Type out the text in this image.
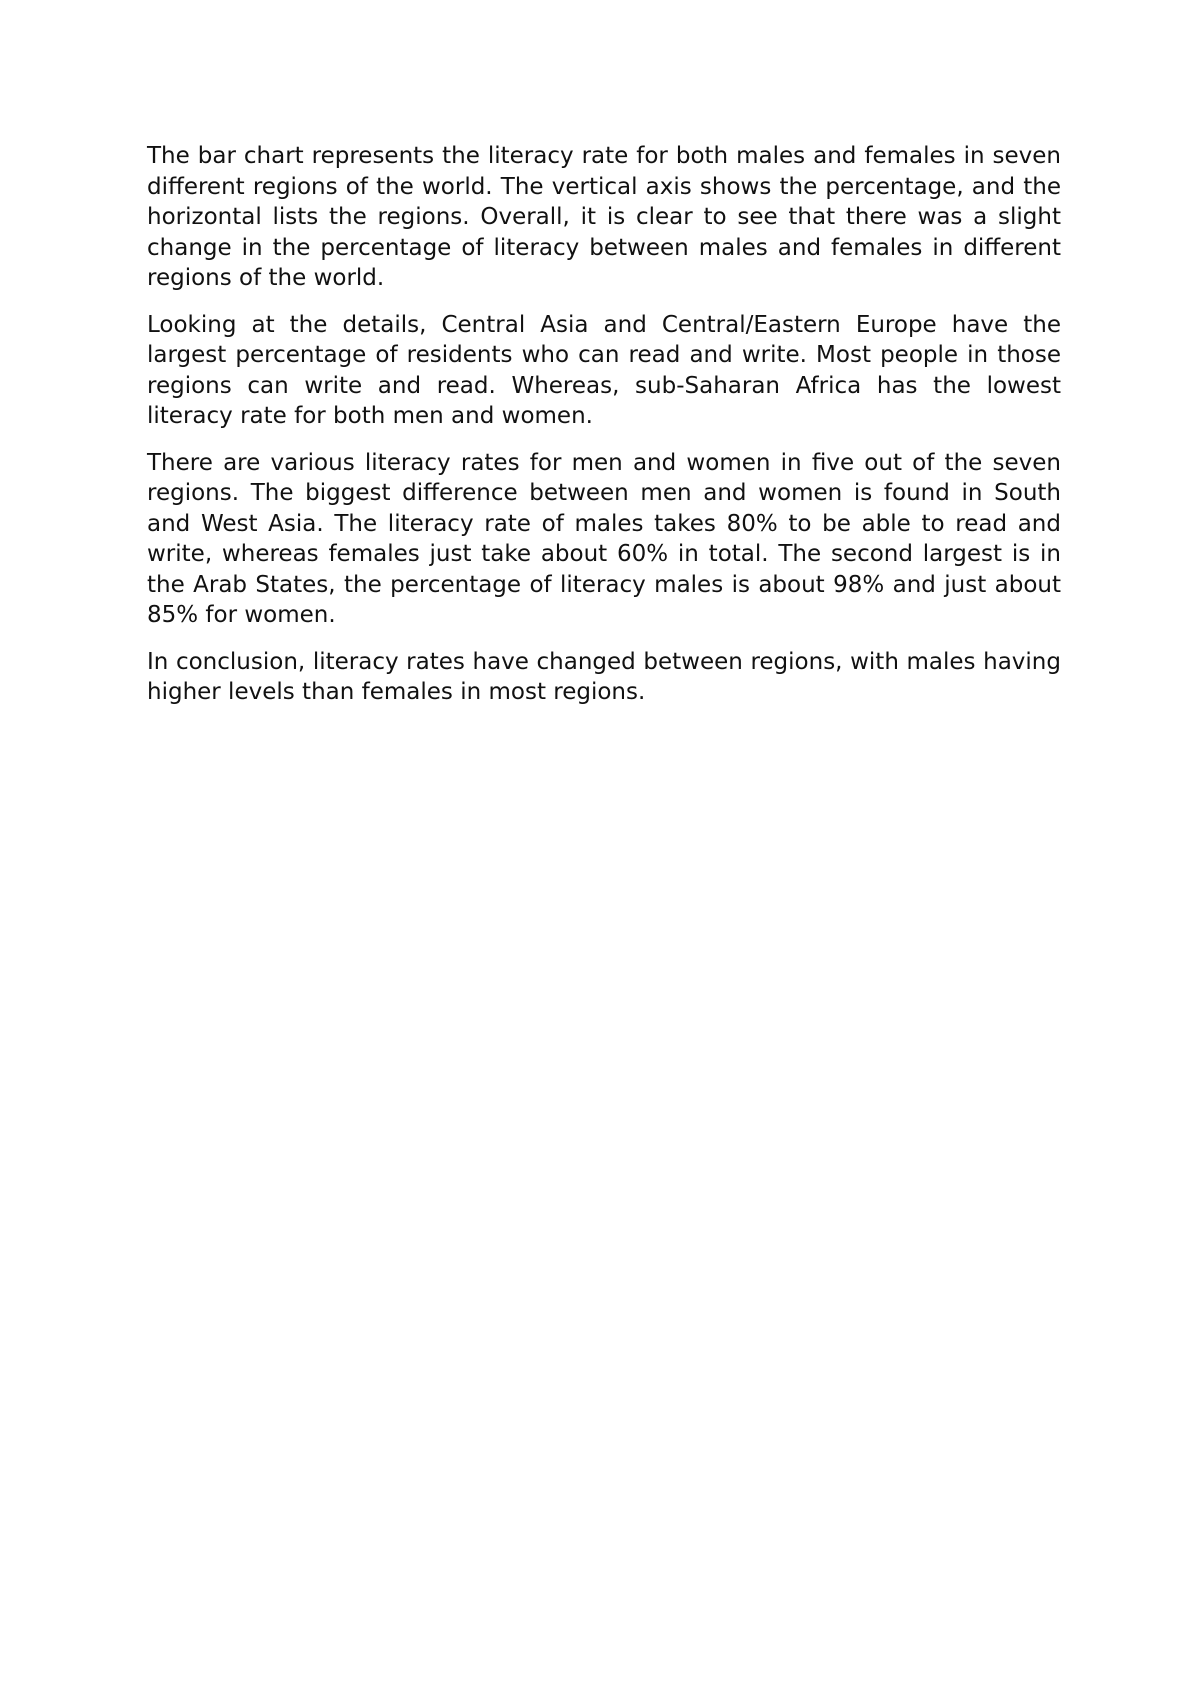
The bar chart represents the literacy rate for both males and females in seven different regions of the world. The vertical axis shows the percentage, and the horizontal lists the regions. Overall, it is clear to see that there was a slight change in the percentage of literacy between males and females in different regions of the world.

Looking at the details, Central Asia and Central/Eastern Europe have the largest percentage of residents who can read and write. Most people in those regions can write and read. Whereas, sub-Saharan Africa has the lowest literacy rate for both men and women.

There are various literacy rates for men and women in five out of the seven regions. The biggest difference between men and women is found in South and West Asia. The literacy rate of males takes 80% to be able to read and write, whereas females just take about 60% in total. The second largest is in the Arab States, the percentage of literacy males is about 98% and just about 85% for women.

In conclusion, literacy rates have changed between regions, with males having higher levels than females in most regions.
